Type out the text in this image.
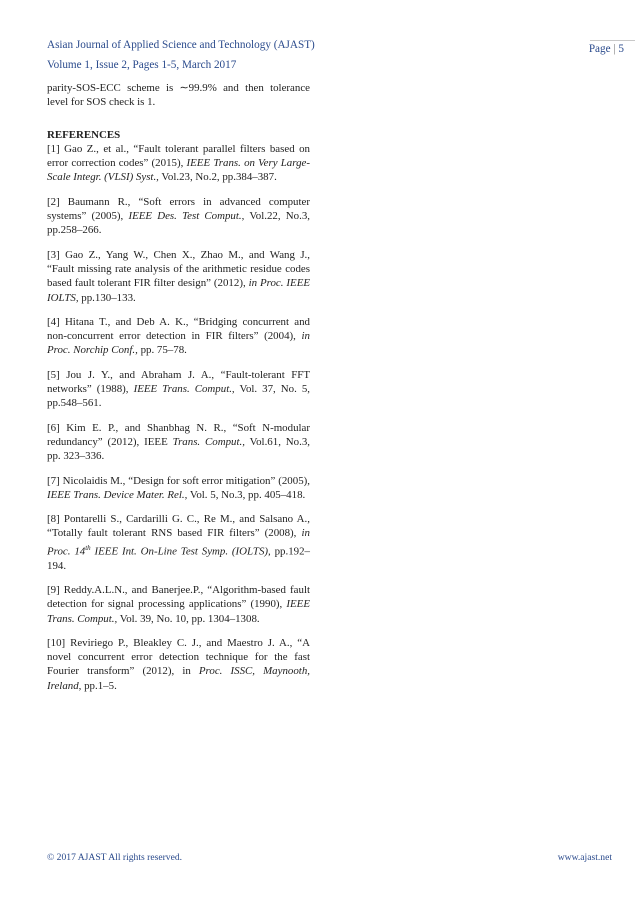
Asian Journal of Applied Science and Technology (AJAST)
Volume 1, Issue 2, Pages 1-5, March 2017
Page | 5

parity-SOS-ECC scheme is ∼99.9% and then tolerance level for SOS check is 1.

REFERENCES

[1] Gao Z., et al., “Fault tolerant parallel filters based on error correction codes” (2015), IEEE Trans. on Very Large-Scale Integr. (VLSI) Syst., Vol.23, No.2, pp.384–387.

[2] Baumann R., “Soft errors in advanced computer systems” (2005), IEEE Des. Test Comput., Vol.22, No.3, pp.258–266.

[3] Gao Z., Yang W., Chen X., Zhao M., and Wang J., “Fault missing rate analysis of the arithmetic residue codes based fault tolerant FIR filter design” (2012), in Proc. IEEE IOLTS, pp.130–133.

[4] Hitana T., and Deb A. K., “Bridging concurrent and non-concurrent error detection in FIR filters” (2004), in Proc. Norchip Conf., pp. 75–78.

[5] Jou J. Y., and Abraham J. A., “Fault-tolerant FFT networks” (1988), IEEE Trans. Comput., Vol. 37, No. 5, pp.548–561.

[6] Kim E. P., and Shanbhag N. R., “Soft N-modular redundancy” (2012), IEEE Trans. Comput., Vol.61, No.3, pp. 323–336.

[7] Nicolaidis M., “Design for soft error mitigation” (2005), IEEE Trans. Device Mater. Rel., Vol. 5, No.3, pp. 405–418.

[8] Pontarelli S., Cardarilli G. C., Re M., and Salsano A., “Totally fault tolerant RNS based FIR filters” (2008), in Proc. 14th IEEE Int. On-Line Test Symp. (IOLTS), pp.192–194.

[9] Reddy.A.L.N., and Banerjee.P., “Algorithm-based fault detection for signal processing applications” (1990), IEEE Trans. Comput., Vol. 39, No. 10, pp. 1304–1308.

[10] Reviriego P., Bleakley C. J., and Maestro J. A., “A novel concurrent error detection technique for the fast Fourier transform” (2012), in Proc. ISSC, Maynooth, Ireland, pp.1–5.

© 2017 AJAST All rights reserved.	www.ajast.net
